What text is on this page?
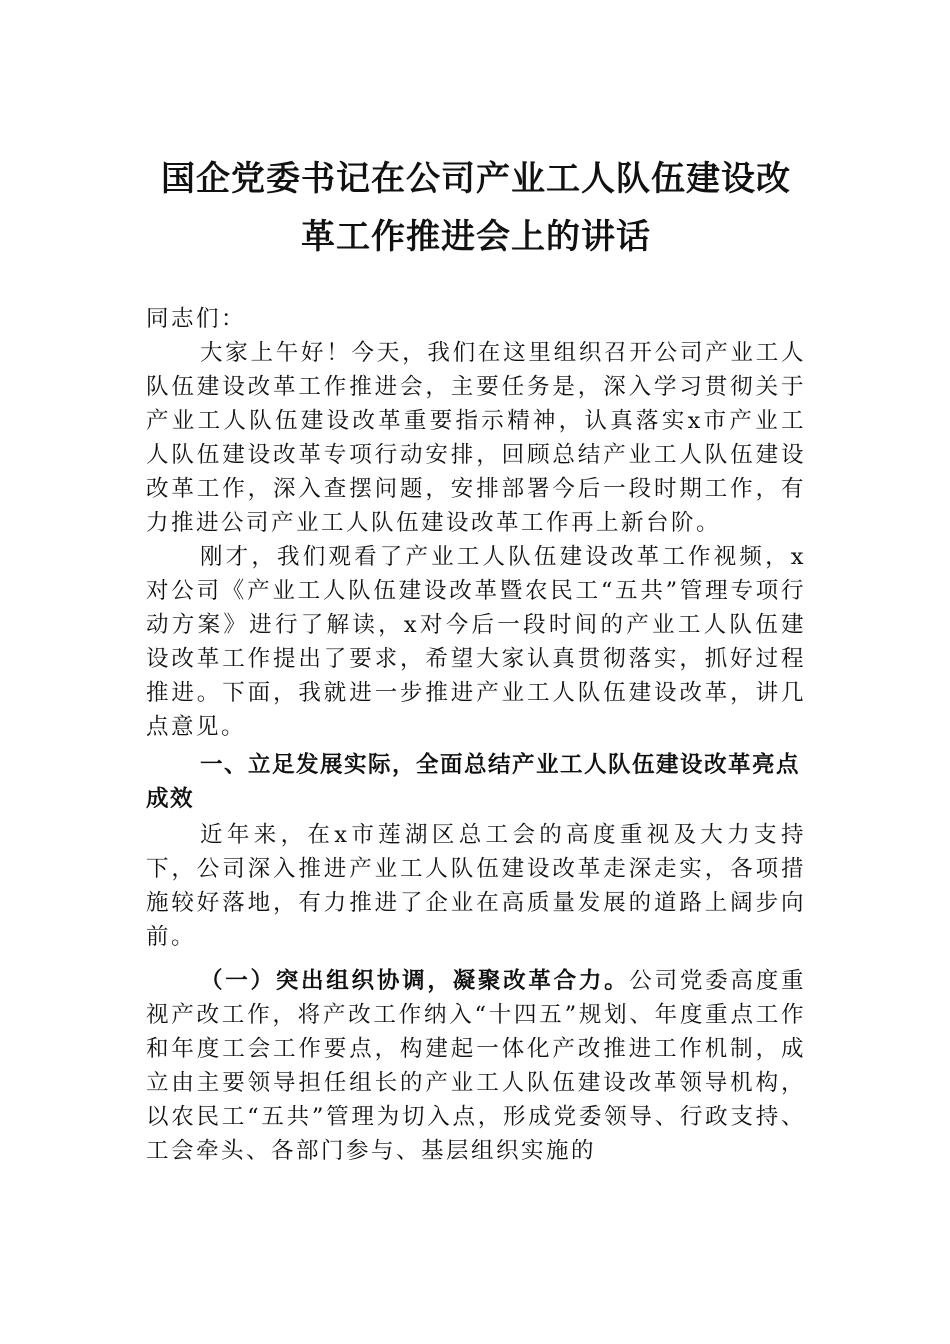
国企党委书记在公司产业工人队伍建设改
革工作推进会上的讲话

同志们：

大家上午好！今天，我们在这里组织召开公司产业工人队伍建设改革工作推进会，主要任务是，深入学习贯彻关于产业工人队伍建设改革重要指示精神，认真落实x市产业工人队伍建设改革专项行动安排，回顾总结产业工人队伍建设改革工作，深入查摆问题，安排部署今后一段时期工作，有力推进公司产业工人队伍建设改革工作再上新台阶。

刚才，我们观看了产业工人队伍建设改革工作视频，x对公司《产业工人队伍建设改革暨农民工“五共”管理专项行动方案》进行了解读，x对今后一段时间的产业工人队伍建设改革工作提出了要求，希望大家认真贯彻落实，抓好过程推进。下面，我就进一步推进产业工人队伍建设改革，讲几点意见。

一、立足发展实际，全面总结产业工人队伍建设改革亮点成效

近年来，在x市莲湖区总工会的高度重视及大力支持下，公司深入推进产业工人队伍建设改革走深走实，各项措施较好落地，有力推进了企业在高质量发展的道路上阔步向前。

（一）突出组织协调，凝聚改革合力。公司党委高度重视产改工作，将产改工作纳入“十四五”规划、年度重点工作和年度工会工作要点，构建起一体化产改推进工作机制，成立由主要领导担任组长的产业工人队伍建设改革领导机构，以农民工“五共”管理为切入点，形成党委领导、行政支持、工会牵头、各部门参与、基层组织实施的
